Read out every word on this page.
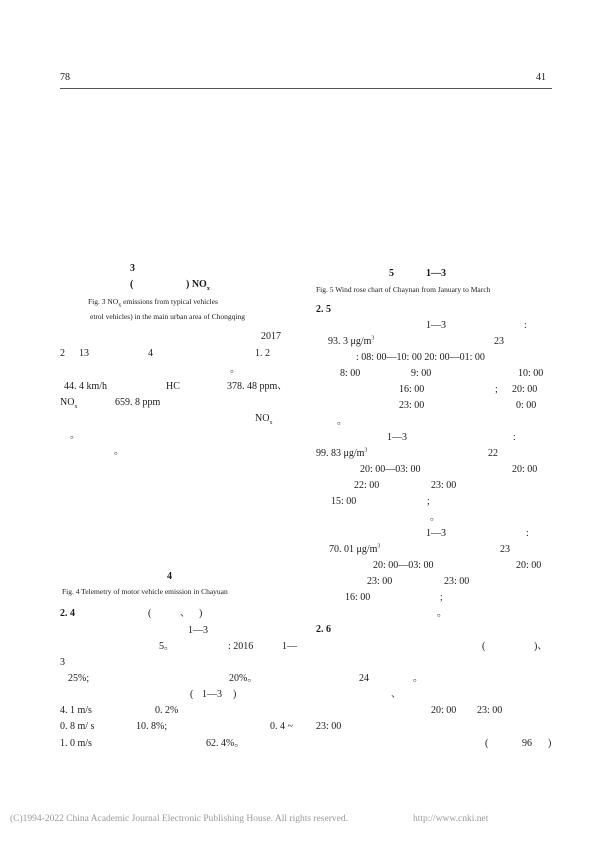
78	41
3
(	) $NO_x$
Fig. 3 $NO_x$ emissions from typical vehicles
etrol vehicles) in the main urban area of Chongqing
2017
2 13	4	1. 2
。
44. 4 km/h	HC	378. 48 ppm、
$NO_x$	659. 8 ppm
$NO_x$
。
。
4
Fig. 4 Telemetry of motor vehicle emission in Chayuan
2. 4	(	、 )
1—3
5。	: 2016	1—
3
25%;	20%。
( 1—3 )
4. 1 m/s	0. 2%
0. 8 m/ s	10. 8%;	0. 4 ~
1. 0 m/s	62. 4%。
5	1—3
Fig. 5 Wind rose chart of Chaynan from January to March
2. 5
1—3	:
93. 3 $\mu g/m^3$	23
: 08: 00—10: 00 20: 00—01: 00
8: 00	9: 00	10: 00
16: 00	; 20: 00
23: 00	0: 00
。
1—3	:
99. 83 $\mu g/m^3$	22
20: 00—03: 00	20: 00
22: 00	23: 00
15: 00	;
。
1—3	:
70. 01 $\mu g/m^3$	23
20: 00—03: 00	20: 00
23: 00	23: 00
16: 00	;
。
2. 6
(	)、
24	。
、
20: 00 23: 00
23: 00
(	96 )
(C)1994-2022 China Academic Journal Electronic Publishing House. All rights reserved.	http://www.cnki.net
